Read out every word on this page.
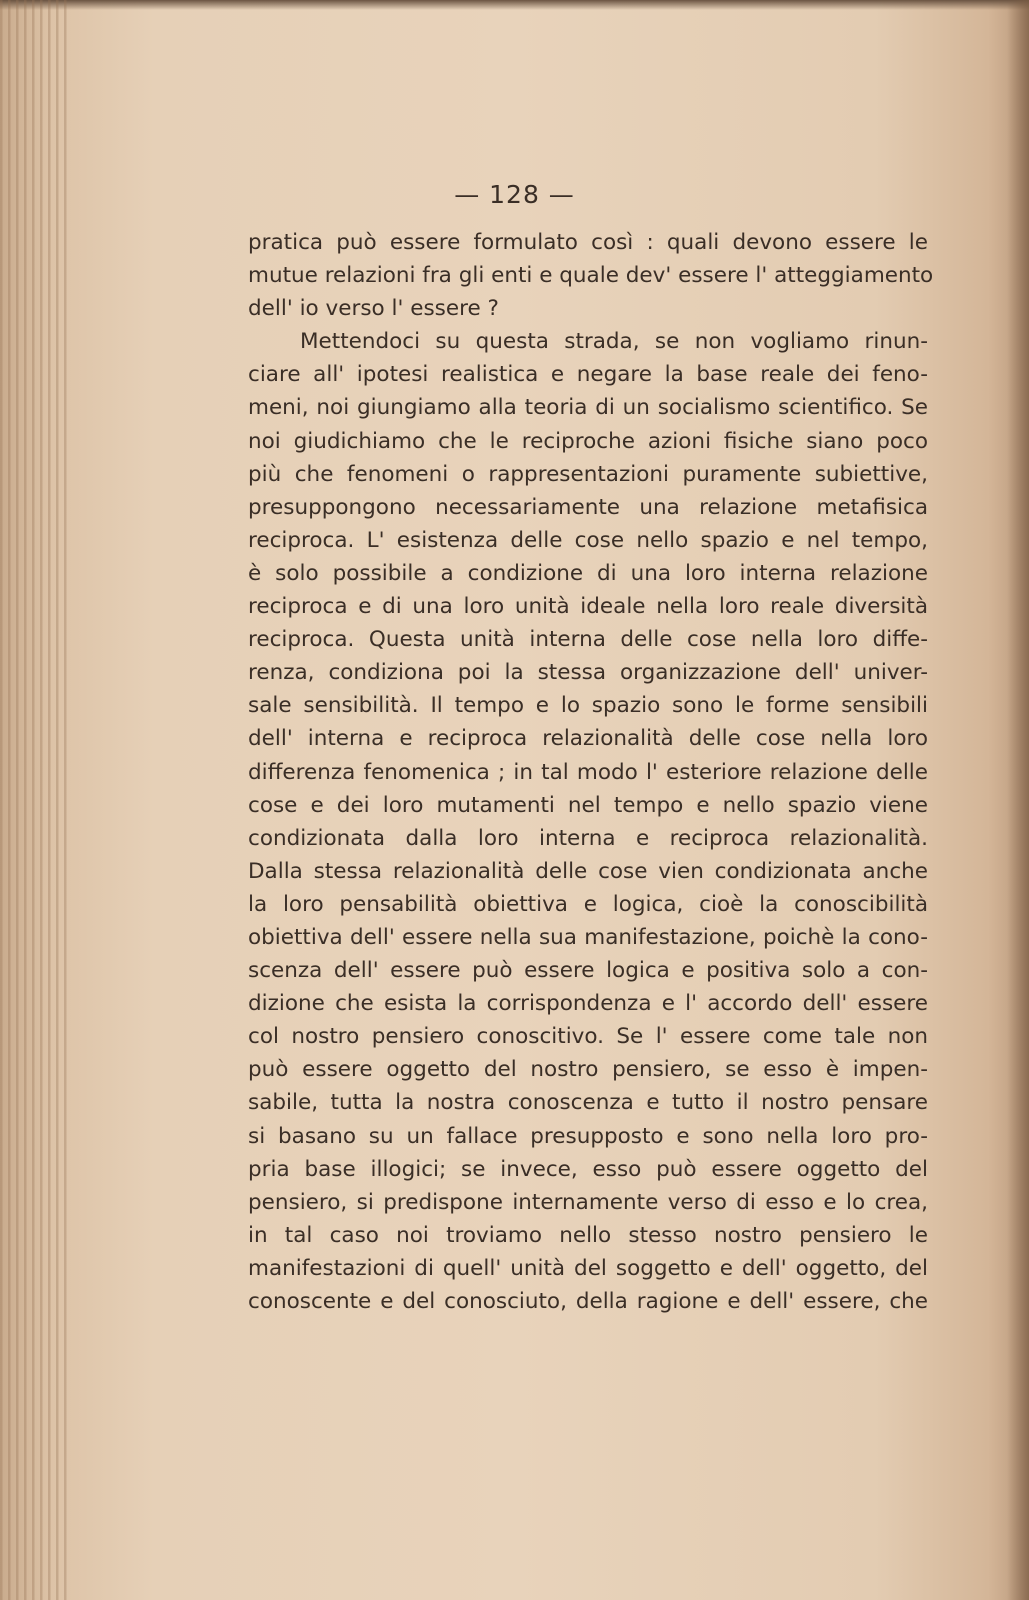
— 128 —
pratica può essere formulato così : quali devono essere le
mutue relazioni fra gli enti e quale dev' essere l' atteggiamento
dell' io verso l' essere ?
Mettendoci su questa strada, se non vogliamo rinun-
ciare all' ipotesi realistica e negare la base reale dei feno-
meni, noi giungiamo alla teoria di un socialismo scientifico. Se
noi giudichiamo che le reciproche azioni fisiche siano poco
più che fenomeni o rappresentazioni puramente subiettive,
presuppongono necessariamente una relazione metafisica
reciproca. L' esistenza delle cose nello spazio e nel tempo,
è solo possibile a condizione di una loro interna relazione
reciproca e di una loro unità ideale nella loro reale diversità
reciproca. Questa unità interna delle cose nella loro diffe-
renza, condiziona poi la stessa organizzazione dell' univer-
sale sensibilità. Il tempo e lo spazio sono le forme sensibili
dell' interna e reciproca relazionalità delle cose nella loro
differenza fenomenica ; in tal modo l' esteriore relazione delle
cose e dei loro mutamenti nel tempo e nello spazio viene
condizionata dalla loro interna e reciproca relazionalità.
Dalla stessa relazionalità delle cose vien condizionata anche
la loro pensabilità obiettiva e logica, cioè la conoscibilità
obiettiva dell' essere nella sua manifestazione, poichè la cono-
scenza dell' essere può essere logica e positiva solo a con-
dizione che esista la corrispondenza e l' accordo dell' essere
col nostro pensiero conoscitivo. Se l' essere come tale non
può essere oggetto del nostro pensiero, se esso è impen-
sabile, tutta la nostra conoscenza e tutto il nostro pensare
si basano su un fallace presupposto e sono nella loro pro-
pria base illogici; se invece, esso può essere oggetto del
pensiero, si predispone internamente verso di esso e lo crea,
in tal caso noi troviamo nello stesso nostro pensiero le
manifestazioni di quell' unità del soggetto e dell' oggetto, del
conoscente e del conosciuto, della ragione e dell' essere, che
